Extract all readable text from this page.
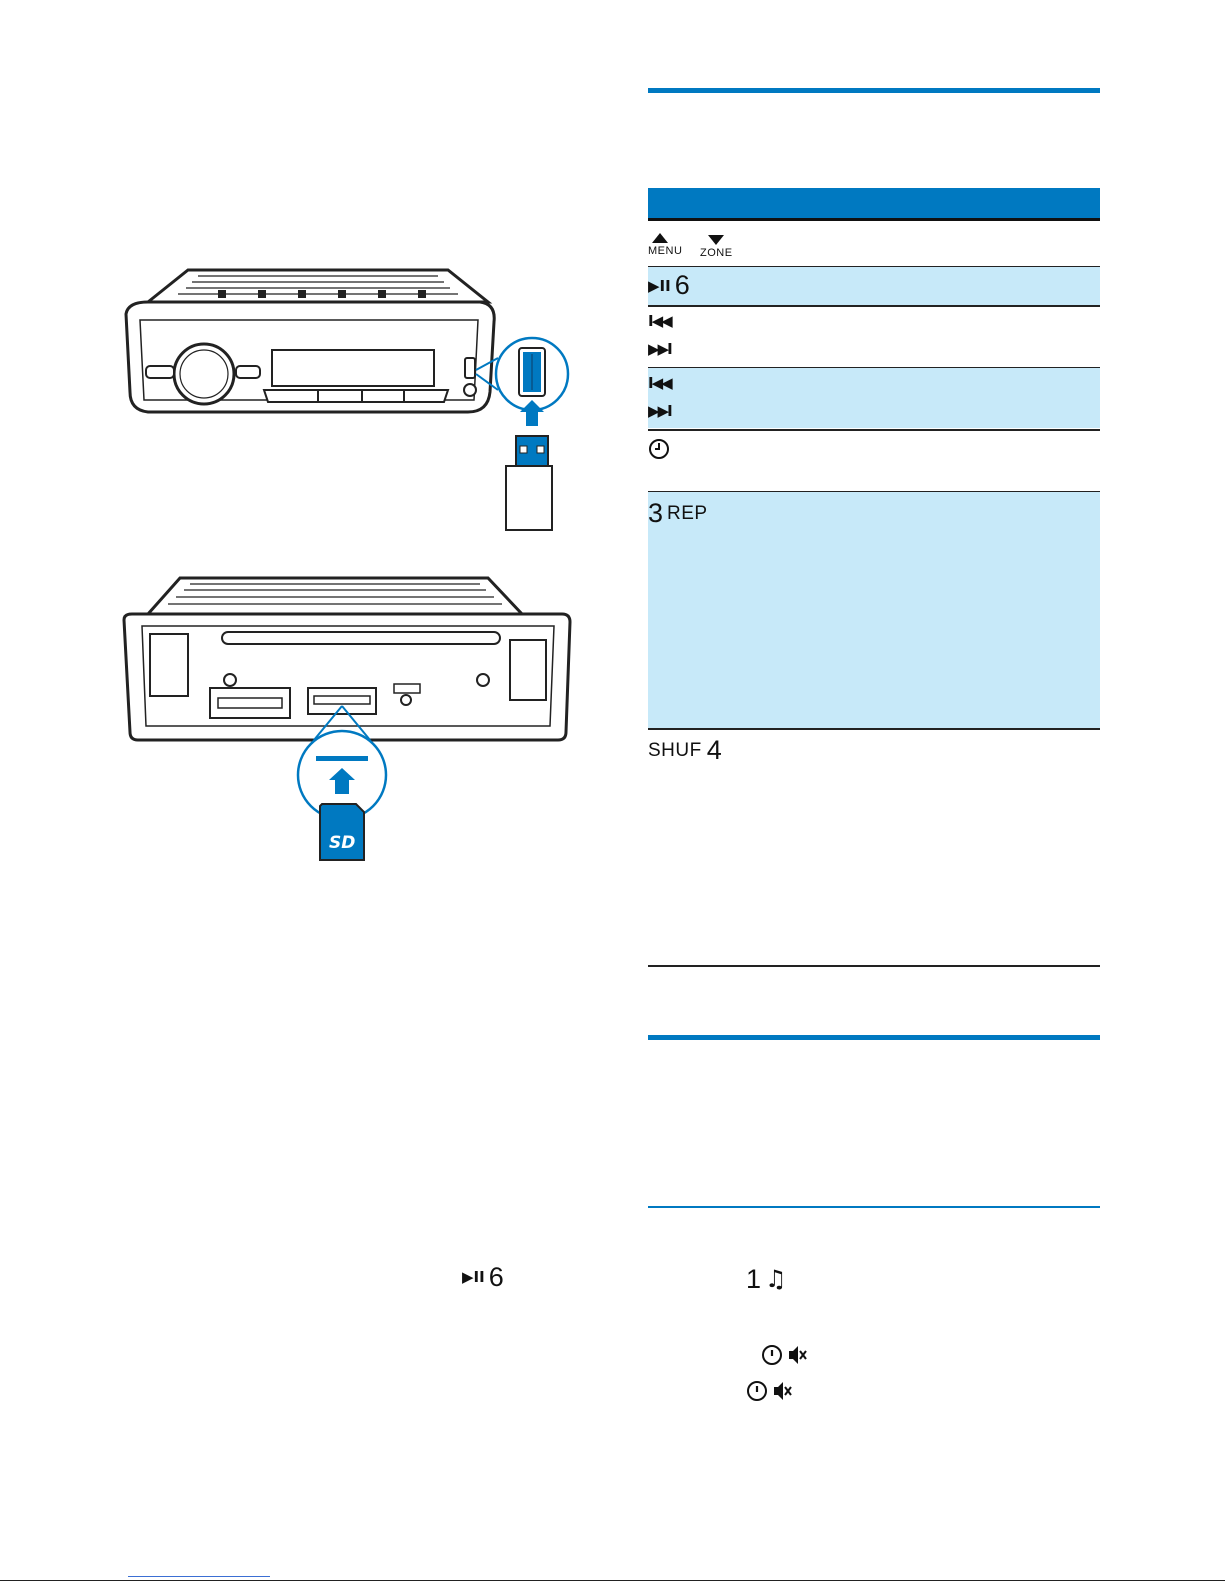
SD
▶II 6
MENU	ZONE
▶II 6
I◀◀
▶▶I
I◀◀
▶▶I
3 REP
SHUF 4
1 ♫
